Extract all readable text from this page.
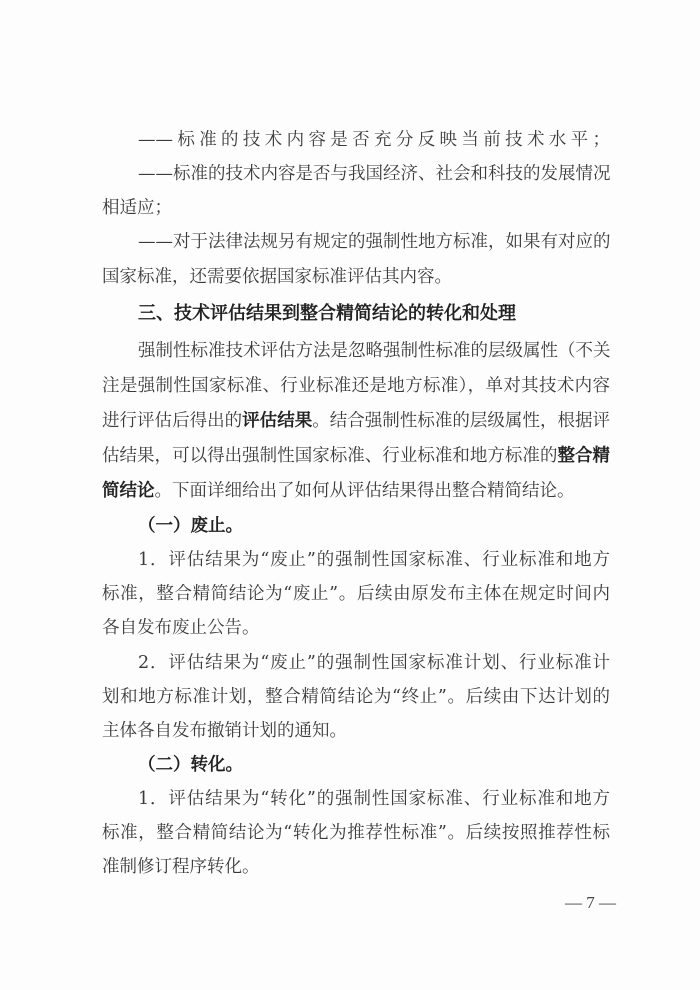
——标准的技术内容是否充分反映当前技术水平；
——标准的技术内容是否与我国经济、社会和科技的发展情况
相适应；
——对于法律法规另有规定的强制性地方标准，如果有对应的
国家标准，还需要依据国家标准评估其内容。
三、技术评估结果到整合精简结论的转化和处理
强制性标准技术评估方法是忽略强制性标准的层级属性（不关
注是强制性国家标准、行业标准还是地方标准），单对其技术内容
进行评估后得出的评估结果。结合强制性标准的层级属性，根据评
估结果，可以得出强制性国家标准、行业标准和地方标准的整合精
简结论。下面详细给出了如何从评估结果得出整合精简结论。
（一）废止。
1．评估结果为“废止”的强制性国家标准、行业标准和地方
标准，整合精简结论为“废止”。后续由原发布主体在规定时间内
各自发布废止公告。
2．评估结果为“废止”的强制性国家标准计划、行业标准计
划和地方标准计划，整合精简结论为“终止”。后续由下达计划的
主体各自发布撤销计划的通知。
（二）转化。
1．评估结果为“转化”的强制性国家标准、行业标准和地方
标准，整合精简结论为“转化为推荐性标准”。后续按照推荐性标
准制修订程序转化。
— 7 —
